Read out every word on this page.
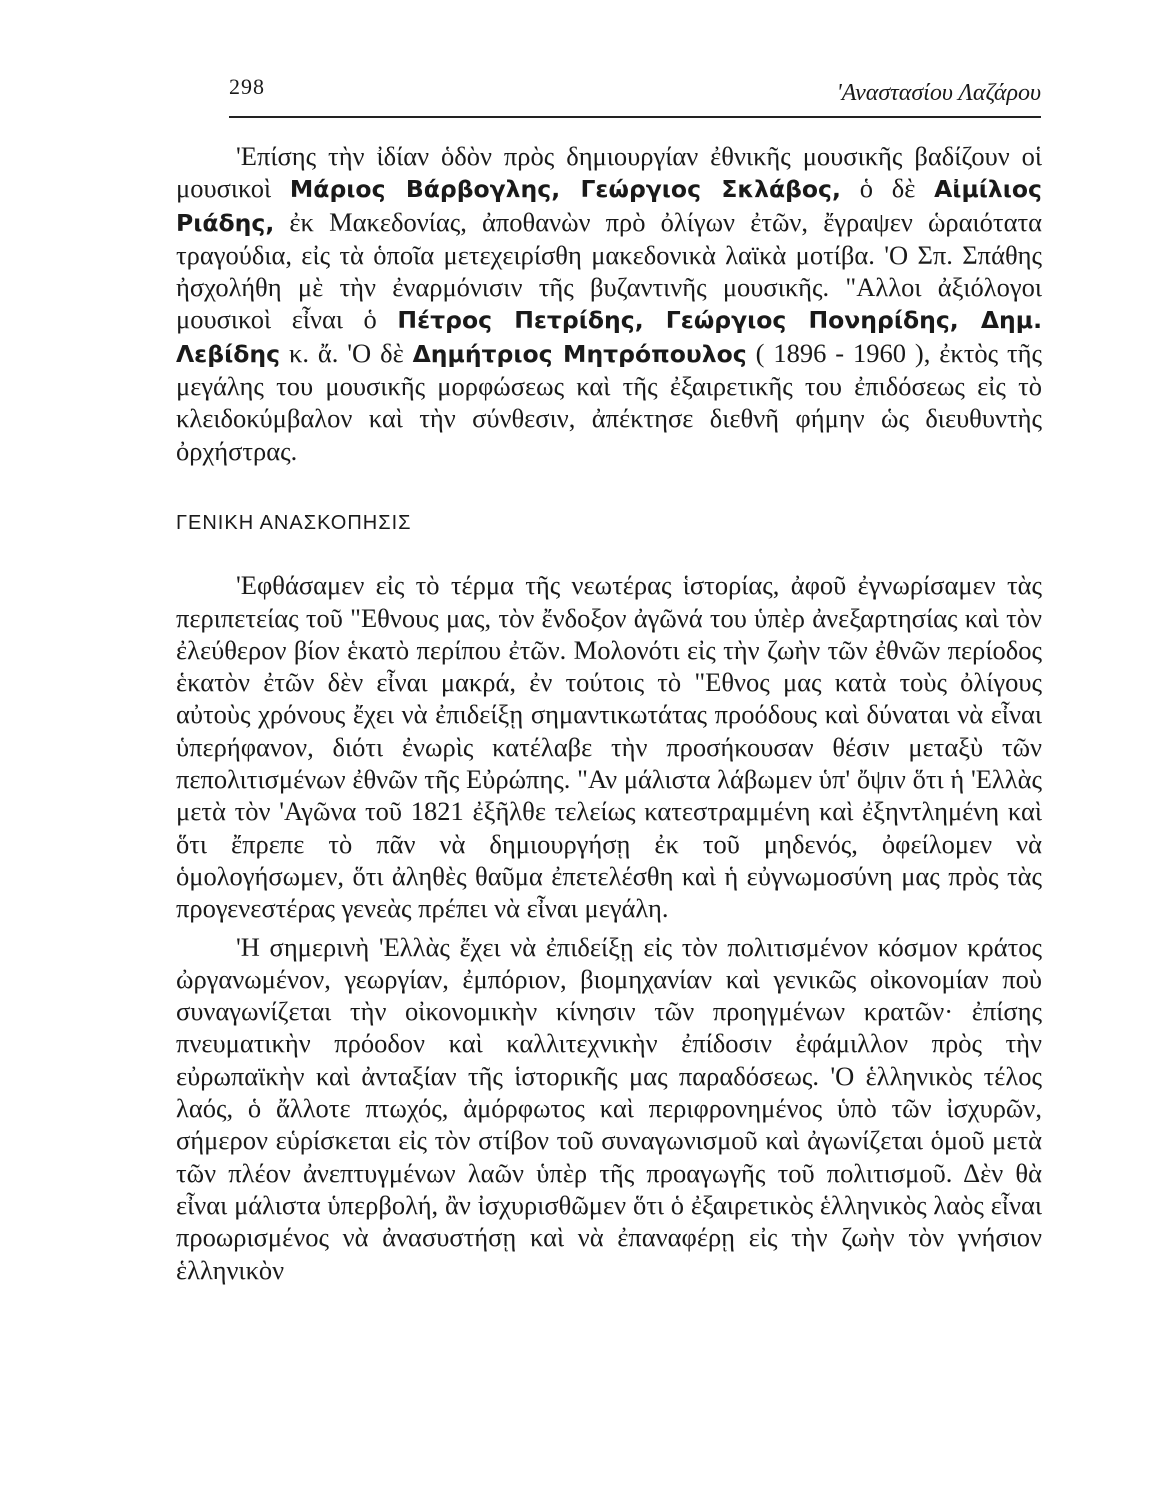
298	'Αναστασίου Λαζάρου

'Επίσης τὴν ἰδίαν ὁδὸν πρὸς δημιουργίαν ἐθνικῆς μουσικῆς βαδίζουν οἱ μουσικοὶ Μάριος Βάρβογλης, Γεώργιος Σκλάβος, ὁ δὲ Αἰμίλιος Ριάδης, ἐκ Μακεδονίας, ἀποθανὼν πρὸ ὀλίγων ἐτῶν, ἔγραψεν ὡραιότατα τραγούδια, εἰς τὰ ὁποῖα μετεχειρίσθη μακεδονικὰ λαϊκὰ μοτίβα. 'Ο Σπ. Σπάθης ἠσχολήθη μὲ τὴν ἐναρμόνισιν τῆς βυζαντινῆς μουσικῆς. "Αλλοι ἀξιόλογοι μουσικοὶ εἶναι ὁ Πέτρος Πετρίδης, Γεώργιος Πονηρίδης, Δημ. Λεβίδης κ. ἄ. 'Ο δὲ Δημήτριος Μητρόπουλος ( 1896 - 1960 ), ἐκτὸς τῆς μεγάλης του μουσικῆς μορφώσεως καὶ τῆς ἐξαιρετικῆς του ἐπιδόσεως εἰς τὸ κλειδοκύμβαλον καὶ τὴν σύνθεσιν, ἀπέκτησε διεθνῆ φήμην ὡς διευθυντὴς ὀρχήστρας.

ΓΕΝΙΚΗ ΑΝΑΣΚΟΠΗΣΙΣ

'Εφθάσαμεν εἰς τὸ τέρμα τῆς νεωτέρας ἱστορίας, ἀφοῦ ἐγνωρίσαμεν τὰς περιπετείας τοῦ "Εθνους μας, τὸν ἔνδοξον ἀγῶνά του ὑπὲρ ἀνεξαρτησίας καὶ τὸν ἐλεύθερον βίον ἑκατὸ περίπου ἐτῶν. Μολονότι εἰς τὴν ζωὴν τῶν ἐθνῶν περίοδος ἑκατὸν ἐτῶν δὲν εἶναι μακρά, ἐν τούτοις τὸ "Εθνος μας κατὰ τοὺς ὀλίγους αὐτοὺς χρόνους ἔχει νὰ ἐπιδείξῃ σημαντικωτάτας προόδους καὶ δύναται νὰ εἶναι ὑπερήφανον, διότι ἐνωρὶς κατέλαβε τὴν προσήκουσαν θέσιν μεταξὺ τῶν πεπολιτισμένων ἐθνῶν τῆς Εὐρώπης. "Αν μάλιστα λάβωμεν ὑπ' ὄψιν ὅτι ἡ 'Ελλὰς μετὰ τὸν 'Αγῶνα τοῦ 1821 ἐξῆλθε τελείως κατεστραμμένη καὶ ἐξηντλημένη καὶ ὅτι ἔπρεπε τὸ πᾶν νὰ δημιουργήσῃ ἐκ τοῦ μηδενός, ὀφείλομεν νὰ ὁμολογήσωμεν, ὅτι ἀληθὲς θαῦμα ἐπετελέσθη καὶ ἡ εὐγνωμοσύνη μας πρὸς τὰς προγενεστέρας γενεὰς πρέπει νὰ εἶναι μεγάλη.

'Η σημερινὴ 'Ελλὰς ἔχει νὰ ἐπιδείξῃ εἰς τὸν πολιτισμένον κόσμον κράτος ὠργανωμένον, γεωργίαν, ἐμπόριον, βιομηχανίαν καὶ γενικῶς οἰκονομίαν ποὺ συναγωνίζεται τὴν οἰκονομικὴν κίνησιν τῶν προηγμένων κρατῶν· ἐπίσης πνευματικὴν πρόοδον καὶ καλλιτεχνικὴν ἐπίδοσιν ἐφάμιλλον πρὸς τὴν εὐρωπαϊκὴν καὶ ἀνταξίαν τῆς ἱστορικῆς μας παραδόσεως. 'Ο ἑλληνικὸς τέλος λαός, ὁ ἄλλοτε πτωχός, ἀμόρφωτος καὶ περιφρονημένος ὑπὸ τῶν ἰσχυρῶν, σήμερον εὑρίσκεται εἰς τὸν στίβον τοῦ συναγωνισμοῦ καὶ ἀγωνίζεται ὁμοῦ μετὰ τῶν πλέον ἀνεπτυγμένων λαῶν ὑπὲρ τῆς προαγωγῆς τοῦ πολιτισμοῦ. Δὲν θὰ εἶναι μάλιστα ὑπερβολή, ἂν ἰσχυρισθῶμεν ὅτι ὁ ἐξαιρετικὸς ἑλληνικὸς λαὸς εἶναι προωρισμένος νὰ ἀνασυστήσῃ καὶ νὰ ἐπαναφέρῃ εἰς τὴν ζωὴν τὸν γνήσιον ἑλληνικὸν
